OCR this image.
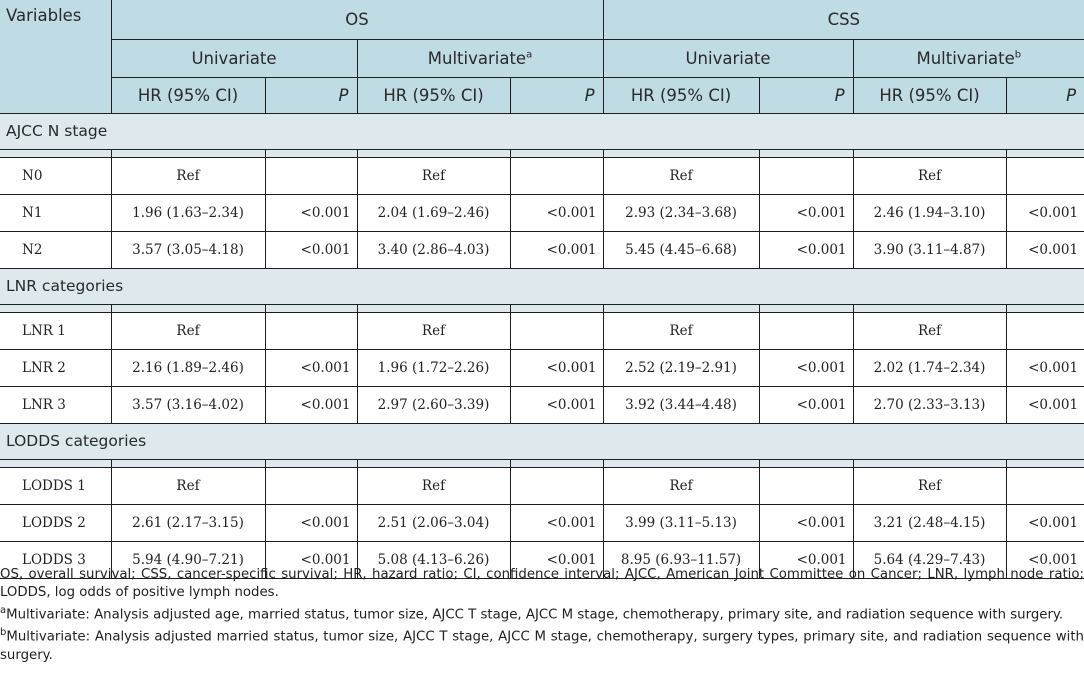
Variables	OS				CSS			
	Univariate		Multivariate$^a$		Univariate		Multivariate$^b$
	HR (95% CI)	P	HR (95% CI)	P	HR (95% CI)	P	HR (95% CI)	P
AJCC N stage								

N0	Ref		Ref		Ref		Ref	
N1	1.96 (1.63–2.34)	<0.001	2.04 (1.69–2.46)	<0.001	2.93 (2.34–3.68)	<0.001	2.46 (1.94–3.10)	<0.001
N2	3.57 (3.05–4.18)	<0.001	3.40 (2.86–4.03)	<0.001	5.45 (4.45–6.68)	<0.001	3.90 (3.11–4.87)	<0.001
LNR categories								

LNR 1	Ref		Ref		Ref		Ref	
LNR 2	2.16 (1.89–2.46)	<0.001	1.96 (1.72–2.26)	<0.001	2.52 (2.19–2.91)	<0.001	2.02 (1.74–2.34)	<0.001
LNR 3	3.57 (3.16–4.02)	<0.001	2.97 (2.60–3.39)	<0.001	3.92 (3.44–4.48)	<0.001	2.70 (2.33–3.13)	<0.001
LODDS categories								

LODDS 1	Ref		Ref		Ref		Ref	
LODDS 2	2.61 (2.17–3.15)	<0.001	2.51 (2.06–3.04)	<0.001	3.99 (3.11–5.13)	<0.001	3.21 (2.48–4.15)	<0.001
LODDS 3	5.94 (4.90–7.21)	<0.001	5.08 (4.13–6.26)	<0.001	8.95 (6.93–11.57)	<0.001	5.64 (4.29–7.43)	<0.001

OS, overall survival; CSS, cancer-specific survival; HR, hazard ratio; CI, confidence interval; AJCC, American Joint Committee on Cancer; LNR, lymph node ratio; LODDS, log odds of positive lymph nodes.

$^a$Multivariate: Analysis adjusted age, married status, tumor size, AJCC T stage, AJCC M stage, chemotherapy, primary site, and radiation sequence with surgery.

$^b$Multivariate: Analysis adjusted married status, tumor size, AJCC T stage, AJCC M stage, chemotherapy, surgery types, primary site, and radiation sequence with surgery.
